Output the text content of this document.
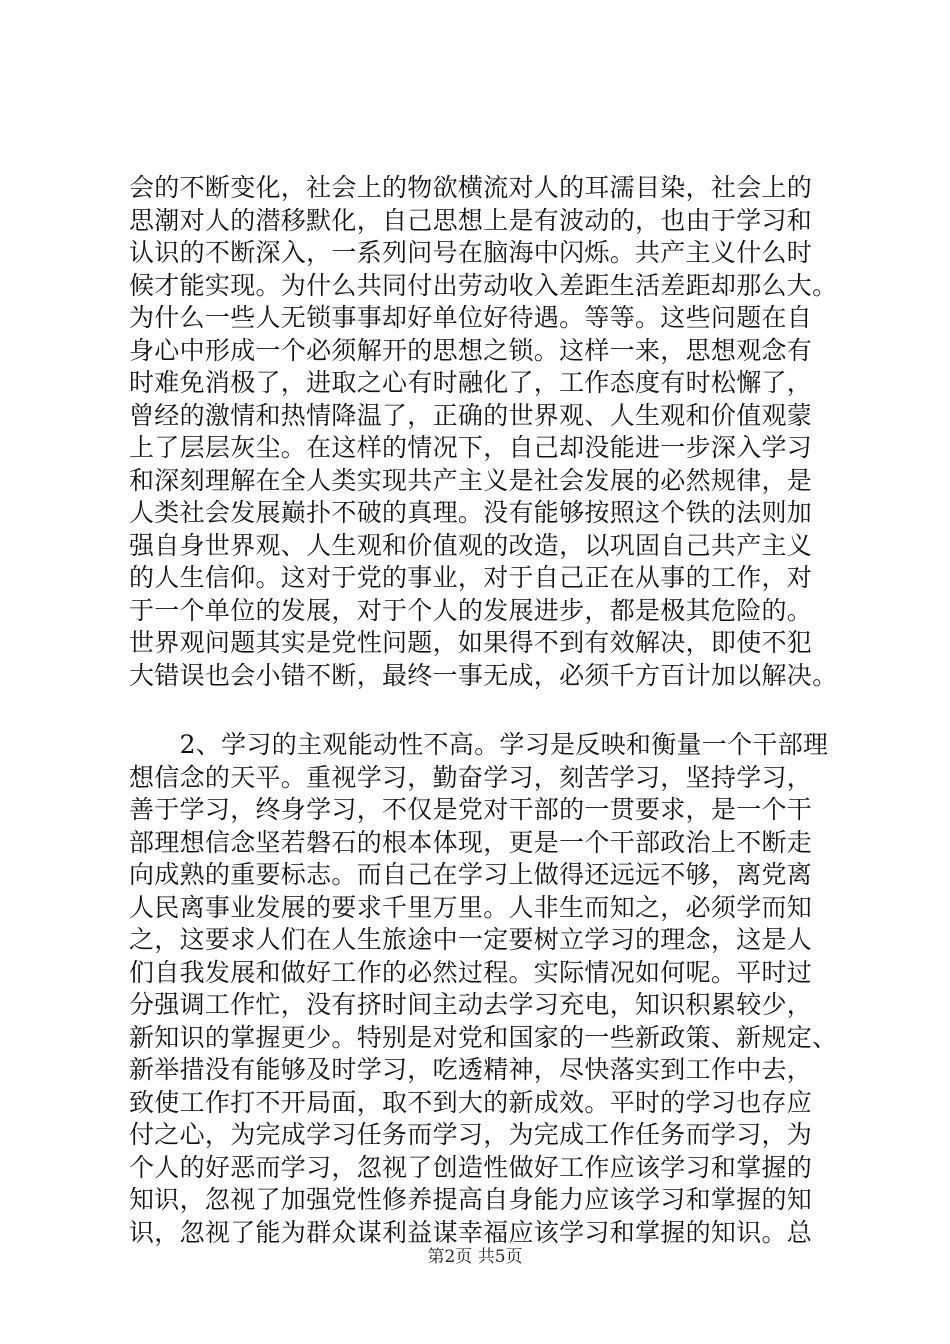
会的不断变化，社会上的物欲横流对人的耳濡目染，社会上的
思潮对人的潜移默化，自己思想上是有波动的，也由于学习和
认识的不断深入，一系列问号在脑海中闪烁。共产主义什么时
候才能实现。为什么共同付出劳动收入差距生活差距却那么大。
为什么一些人无锁事事却好单位好待遇。等等。这些问题在自
身心中形成一个必须解开的思想之锁。这样一来，思想观念有
时难免消极了，进取之心有时融化了，工作态度有时松懈了，
曾经的激情和热情降温了，正确的世界观、人生观和价值观蒙
上了层层灰尘。在这样的情况下，自己却没能进一步深入学习
和深刻理解在全人类实现共产主义是社会发展的必然规律，是
人类社会发展巅扑不破的真理。没有能够按照这个铁的法则加
强自身世界观、人生观和价值观的改造，以巩固自己共产主义
的人生信仰。这对于党的事业，对于自己正在从事的工作，对
于一个单位的发展，对于个人的发展进步，都是极其危险的。
世界观问题其实是党性问题，如果得不到有效解决，即使不犯
大错误也会小错不断，最终一事无成，必须千方百计加以解决。
　　2、学习的主观能动性不高。学习是反映和衡量一个干部理
想信念的天平。重视学习，勤奋学习，刻苦学习，坚持学习，
善于学习，终身学习，不仅是党对干部的一贯要求，是一个干
部理想信念坚若磐石的根本体现，更是一个干部政治上不断走
向成熟的重要标志。而自己在学习上做得还远远不够，离党离
人民离事业发展的要求千里万里。人非生而知之，必须学而知
之，这要求人们在人生旅途中一定要树立学习的理念，这是人
们自我发展和做好工作的必然过程。实际情况如何呢。平时过
分强调工作忙，没有挤时间主动去学习充电，知识积累较少，
新知识的掌握更少。特别是对党和国家的一些新政策、新规定、
新举措没有能够及时学习，吃透精神，尽快落实到工作中去，
致使工作打不开局面，取不到大的新成效。平时的学习也存应
付之心，为完成学习任务而学习，为完成工作任务而学习，为
个人的好恶而学习，忽视了创造性做好工作应该学习和掌握的
知识，忽视了加强党性修养提高自身能力应该学习和掌握的知
识，忽视了能为群众谋利益谋幸福应该学习和掌握的知识。总
第2页 共5页
